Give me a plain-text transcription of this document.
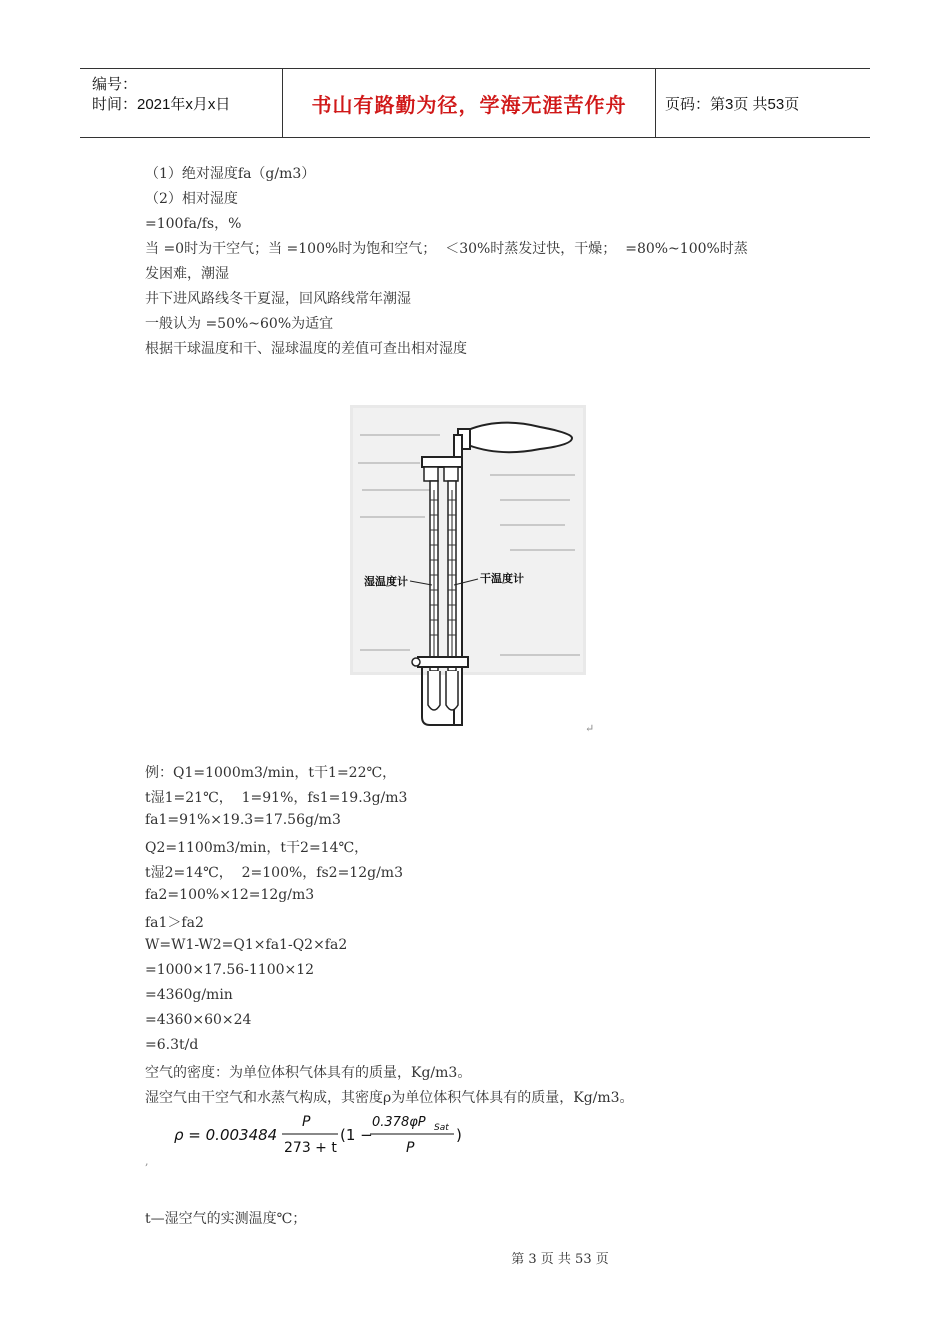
编号：
时间：2021年x月x日	书山有路勤为径，学海无涯苦作舟	页码：第3页 共53页
（1）绝对湿度fa（g/m3）
（2）相对湿度
=100fa/fs，%
当 =0时为干空气；当 =100%时为饱和空气；  ＜30%时蒸发过快，干燥；  =80%~100%时蒸
发困难，潮湿
井下进风路线冬干夏湿，回风路线常年潮湿
一般认为 =50%~60%为适宜
根据干球温度和干、湿球温度的差值可查出相对湿度
湿温度计	干温度计
↵
例：Q1=1000m3/min，t干1=22℃，
t湿1=21℃，  1=91%，fs1=19.3g/m3
fa1=91%×19.3=17.56g/m3
Q2=1100m3/min，t干2=14℃，
t湿2=14℃，  2=100%，fs2=12g/m3
fa2=100%×12=12g/m3
fa1＞fa2
W=W1-W2=Q1×fa1-Q2×fa2
=1000×17.56-1100×12
=4360g/min
=4360×60×24
=6.3t/d
空气的密度：为单位体积气体具有的质量，Kg/m3。
湿空气由干空气和水蒸气构成，其密度ρ为单位体积气体具有的质量，Kg/m3。
ρ = 0.003484
P
273 + t
(1 −
0.378φP Sat
P
)
,
t—湿空气的实测温度℃；
第 3 页 共 53 页
